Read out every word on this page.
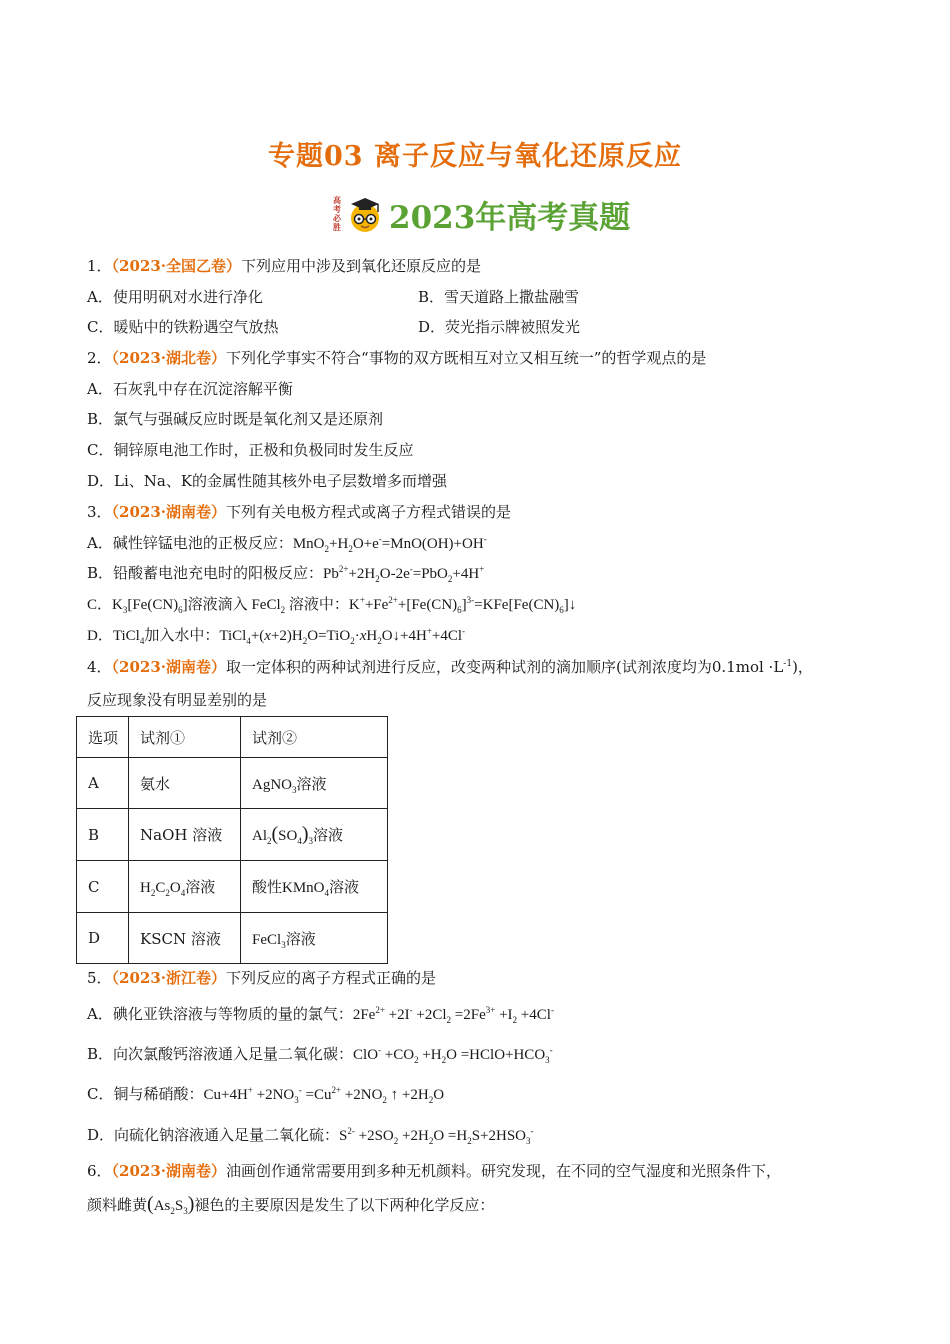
专题03 离子反应与氧化还原反应
高考必胜 2023年高考真题
1．（2023·全国乙卷）下列应用中涉及到氧化还原反应的是
A．使用明矾对水进行净化	B．雪天道路上撒盐融雪
C．暖贴中的铁粉遇空气放热	D．荧光指示牌被照发光
2．（2023·湖北卷）下列化学事实不符合“事物的双方既相互对立又相互统一”的哲学观点的是
A．石灰乳中存在沉淀溶解平衡
B．氯气与强碱反应时既是氧化剂又是还原剂
C．铜锌原电池工作时，正极和负极同时发生反应
D．Li、Na、K的金属性随其核外电子层数增多而增强
3．（2023·湖南卷）下列有关电极方程式或离子方程式错误的是
A．碱性锌锰电池的正极反应：$MnO_2+H_2O+e^-=MnO(OH)+OH^-$
B．铅酸蓄电池充电时的阳极反应：$Pb^{2+}+2H_2O-2e^-=PbO_2+4H^+$
C．$K_3[Fe(CN)_6]$溶液滴入 FeCl$_2$ 溶液中：$K^++Fe^{2+}+[Fe(CN)_6]^{3-}=KFe[Fe(CN)_6]↓$
D．TiCl$_4$加入水中：$TiCl_4+(x+2)H_2O=TiO_2\cdot xH_2O↓+4H^++4Cl^-$
4．（2023·湖南卷）取一定体积的两种试剂进行反应，改变两种试剂的滴加顺序(试剂浓度均为$0.1mol \cdot L^{-1}$)，
反应现象没有明显差别的是
选项	试剂①	试剂②
A	氨水	AgNO$_3$溶液
B	NaOH 溶液	$Al_2(SO_4)_3$溶液
C	$H_2C_2O_4$溶液	酸性KMnO$_4$溶液
D	KSCN 溶液	FeCl$_3$溶液
5．（2023·浙江卷）下列反应的离子方程式正确的是
A．碘化亚铁溶液与等物质的量的氯气：$2Fe^{2+} +2I^- +2Cl_2 =2Fe^{3+} +I_2 +4Cl^-$
B．向次氯酸钙溶液通入足量二氧化碳：$ClO^- +CO_2 +H_2O$ $=HClO+HCO_3^-$
C．铜与稀硝酸：$Cu+4H^+ +2NO_3^- =Cu^{2+} +2NO_2$ ↑ $+2H_2O$
D．向硫化钠溶液通入足量二氧化硫：$S^{2-} +2SO_2 +2H_2O =H_2S+2HSO_3^-$
6．（2023·湖南卷）油画创作通常需要用到多种无机颜料。研究发现，在不同的空气湿度和光照条件下，
颜料雌黄$(As_2S_3)$褪色的主要原因是发生了以下两种化学反应：
